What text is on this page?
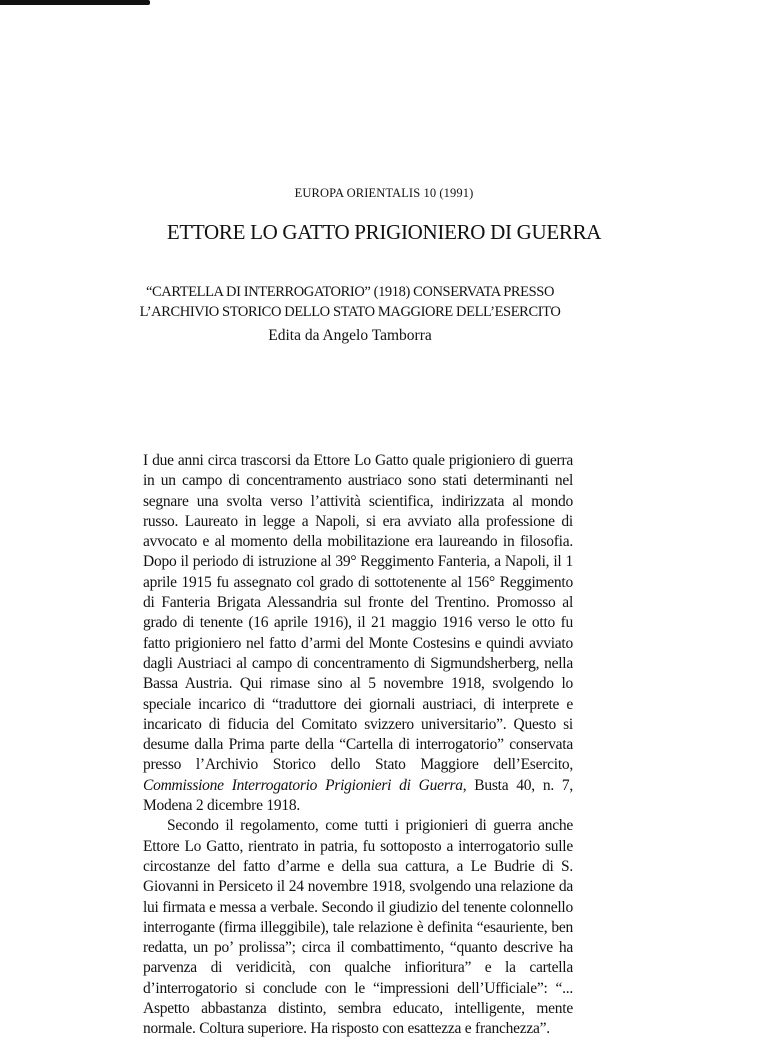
EUROPA ORIENTALIS 10 (1991)
ETTORE LO GATTO PRIGIONIERO DI GUERRA
“CARTELLA DI INTERROGATORIO” (1918) CONSERVATA PRESSO
L’ARCHIVIO STORICO DELLO STATO MAGGIORE DELL’ESERCITO
Edita da Angelo Tamborra

I due anni circa trascorsi da Ettore Lo Gatto quale prigioniero di guerra in un campo di concentramento austriaco sono stati determinanti nel segnare una svolta verso l’attività scientifica, indirizzata al mondo russo. Laureato in legge a Napoli, si era avviato alla professione di avvocato e al momento della mobilitazione era laureando in filosofia. Dopo il periodo di istruzione al 39° Reggimento Fanteria, a Napoli, il 1 aprile 1915 fu assegnato col grado di sottotenente al 156° Reggimento di Fanteria Brigata Alessandria sul fronte del Trentino. Promosso al grado di tenente (16 aprile 1916), il 21 maggio 1916 verso le otto fu fatto prigioniero nel fatto d’armi del Monte Costesins e quindi avviato dagli Austriaci al campo di concentramento di Sigmundsherberg, nella Bassa Austria. Qui rimase sino al 5 novembre 1918, svolgendo lo speciale incarico di “traduttore dei giornali austriaci, di interprete e incaricato di fiducia del Comitato svizzero universitario”. Questo si desume dalla Prima parte della “Cartella di interrogatorio” conservata presso l’Archivio Storico dello Stato Maggiore dell’Esercito, Commissione Interrogatorio Prigionieri di Guerra, Busta 40, n. 7, Modena 2 dicembre 1918.

Secondo il regolamento, come tutti i prigionieri di guerra anche Ettore Lo Gatto, rientrato in patria, fu sottoposto a interrogatorio sulle circostanze del fatto d’arme e della sua cattura, a Le Budrie di S. Giovanni in Persiceto il 24 novembre 1918, svolgendo una relazione da lui firmata e messa a verbale. Secondo il giudizio del tenente colonnello interrogante (firma illeggibile), tale relazione è definita “esauriente, ben redatta, un po’ prolissa”; circa il combattimento, “quanto descrive ha parvenza di veridicità, con qualche infioritura” e la cartella d’interrogatorio si conclude con le “impressioni dell’Ufficiale”: “... Aspetto abbastanza distinto, sembra educato, intelligente, mente normale. Coltura superiore. Ha risposto con esattezza e franchezza”.
